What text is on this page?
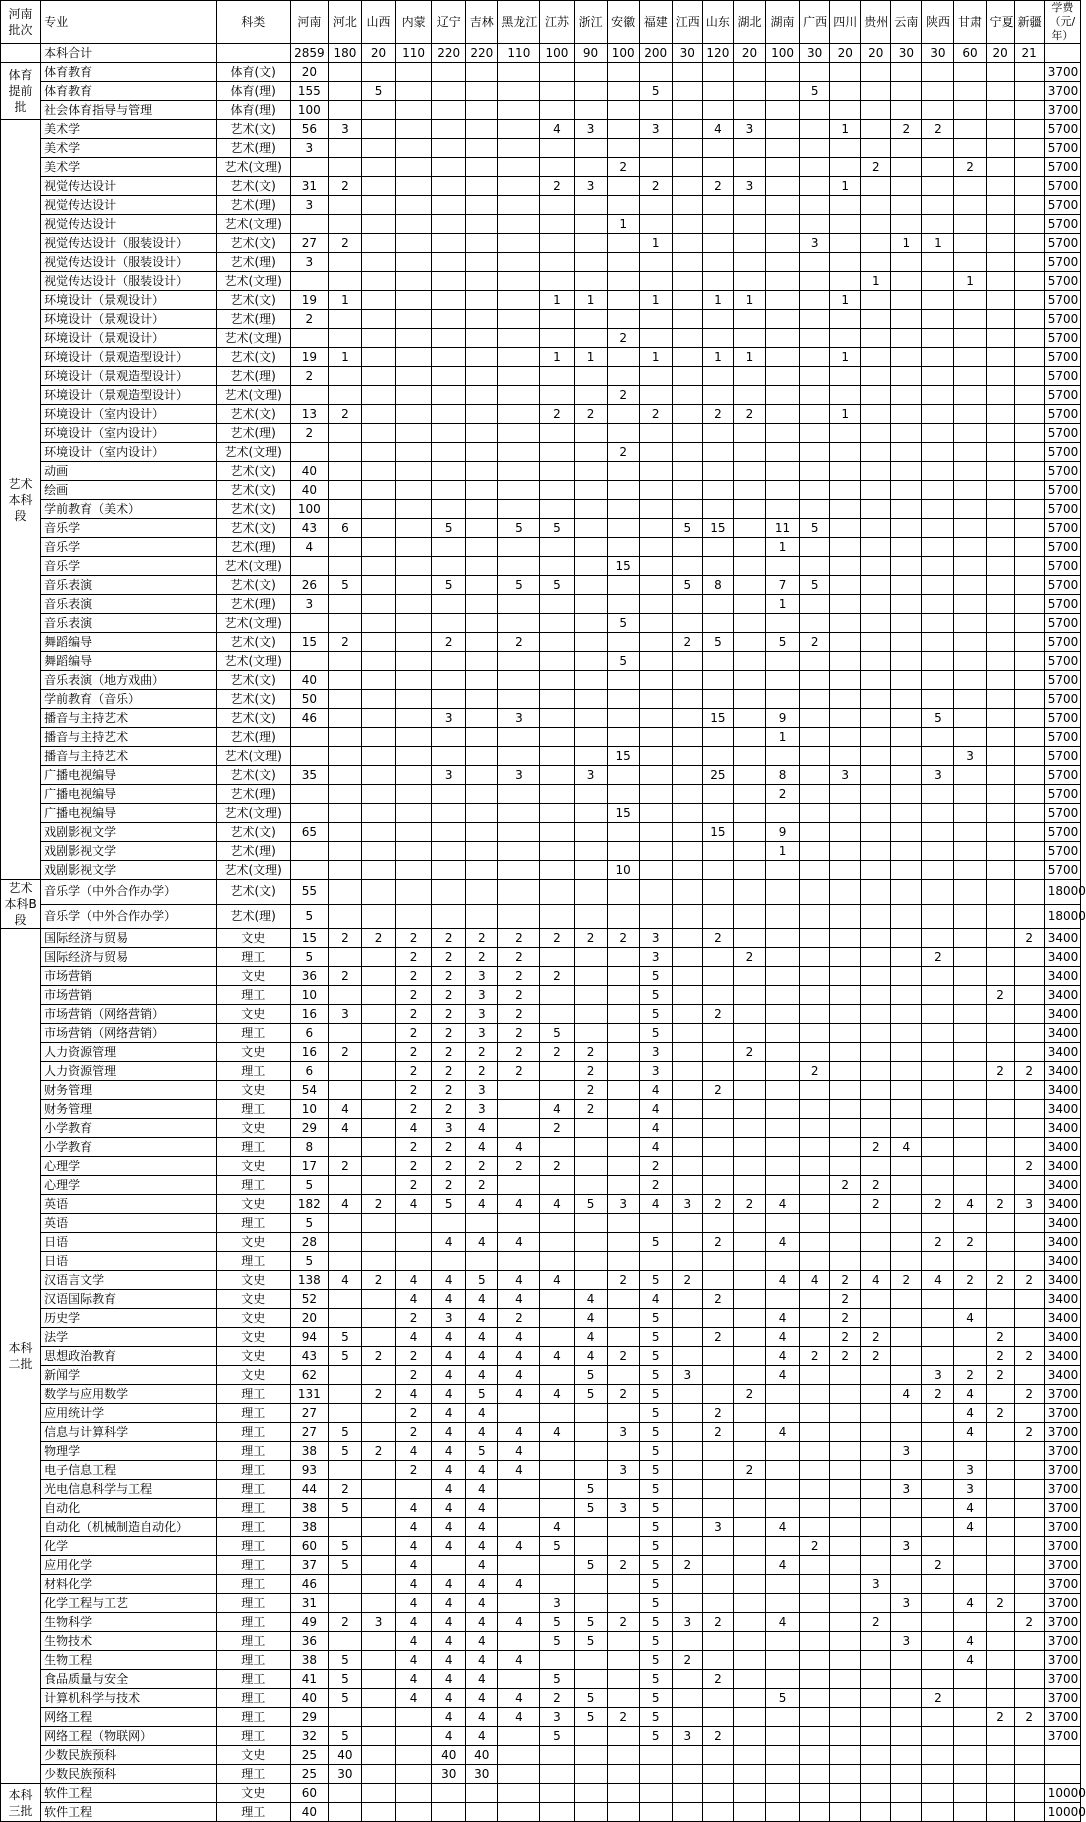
河南批次	专业	科类	河南	河北	山西	内蒙	辽宁	吉林	黑龙江	江苏	浙江	安徽	福建	江西	山东	湖北	湖南	广西	四川	贵州	云南	陕西	甘肃	宁夏	新疆	学费（元/年）
	本科合计		2859	180	20	110	220	220	110	100	90	100	200	30	120	20	100	30	20	20	30	30	60	20	21	
体育提前批	体育教育	体育(文)	20																							3700
	体育教育	体育(理)	155		5								5					5								3700
	社会体育指导与管理	体育(理)	100																							3700
艺术本科段	美术学	艺术(文)	56	3						4	3		3		4	3			1		2	2				5700
	美术学	艺术(理)	3																							5700
	美术学	艺术(文理)										2								2			2			5700
	视觉传达设计	艺术(文)	31	2						2	3		2		2	3			1							5700
	视觉传达设计	艺术(理)	3																							5700
	视觉传达设计	艺术(文理)										1														5700
	视觉传达设计（服装设计）	艺术(文)	27	2									1					3			1	1				5700
	视觉传达设计（服装设计）	艺术(理)	3																							5700
	视觉传达设计（服装设计）	艺术(文理)																		1			1			5700
	环境设计（景观设计）	艺术(文)	19	1						1	1		1		1	1			1							5700
	环境设计（景观设计）	艺术(理)	2																							5700
	环境设计（景观设计）	艺术(文理)										2														5700
	环境设计（景观造型设计）	艺术(文)	19	1						1	1		1		1	1			1							5700
	环境设计（景观造型设计）	艺术(理)	2																							5700
	环境设计（景观造型设计）	艺术(文理)										2														5700
	环境设计（室内设计）	艺术(文)	13	2						2	2		2		2	2			1							5700
	环境设计（室内设计）	艺术(理)	2																							5700
	环境设计（室内设计）	艺术(文理)										2														5700
	动画	艺术(文)	40																							5700
	绘画	艺术(文)	40																							5700
	学前教育（美术）	艺术(文)	100																							5700
	音乐学	艺术(文)	43	6			5		5	5				5	15		11	5								5700
	音乐学	艺术(理)	4														1									5700
	音乐学	艺术(文理)										15														5700
	音乐表演	艺术(文)	26	5			5		5	5				5	8		7	5								5700
	音乐表演	艺术(理)	3														1									5700
	音乐表演	艺术(文理)										5														5700
	舞蹈编导	艺术(文)	15	2			2		2					2	5		5	2								5700
	舞蹈编导	艺术(文理)										5														5700
	音乐表演（地方戏曲）	艺术(文)	40																							5700
	学前教育（音乐）	艺术(文)	50																							5700
	播音与主持艺术	艺术(文)	46				3		3						15		9					5				5700
	播音与主持艺术	艺术(理)															1									5700
	播音与主持艺术	艺术(文理)										15											3			5700
	广播电视编导	艺术(文)	35				3		3		3				25		8		3			3				5700
	广播电视编导	艺术(理)															2									5700
	广播电视编导	艺术(文理)										15														5700
	戏剧影视文学	艺术(文)	65												15		9									5700
	戏剧影视文学	艺术(理)															1									5700
	戏剧影视文学	艺术(文理)										10														5700
艺术本科B段	音乐学（中外合作办学）	艺术(文)	55																							18000
	音乐学（中外合作办学）	艺术(理)	5																							18000
本科二批	国际经济与贸易	文史	15	2	2	2	2	2	2	2	2	2	3		2										2	3400
	国际经济与贸易	理工	5			2	2	2	2				3			2						2				3400
	市场营销	文史	36	2		2	2	3	2	2			5													3400
	市场营销	理工	10			2	2	3	2				5											2		3400
	市场营销（网络营销）	文史	16	3		2	2	3	2				5		2											3400
	市场营销（网络营销）	理工	6			2	2	3	2	5			5													3400
	人力资源管理	文史	16	2		2	2	2	2	2	2		3			2										3400
	人力资源管理	理工	6			2	2	2	2		2		3					2						2	2	3400
	财务管理	文史	54			2	2	3			2		4		2											3400
	财务管理	理工	10	4		2	2	3		4	2		4													3400
	小学教育	文史	29	4		4	3	4		2			4													3400
	小学教育	理工	8			2	2	4	4				4							2	4					3400
	心理学	文史	17	2		2	2	2	2	2			2												2	3400
	心理学	理工	5			2	2	2					2						2	2						3400
	英语	文史	182	4	2	4	5	4	4	4	5	3	4	3	2	2	4			2		2	4	2	3	3400
	英语	理工	5																							3400
	日语	文史	28				4	4	4				5		2		4					2	2			3400
	日语	理工	5																							3400
	汉语言文学	文史	138	4	2	4	4	5	4	4		2	5	2			4	4	2	4	2	4	2	2	2	3400
	汉语国际教育	文史	52			4	4	4	4		4		4		2				2							3400
	历史学	文史	20			2	3	4	2		4		5				4		2				4			3400
	法学	文史	94	5		4	4	4	4		4		5		2		4		2	2				2		3400
	思想政治教育	文史	43	5	2	2	4	4	4	4	4	2	5				4	2	2	2				2	2	3400
	新闻学	文史	62			2	4	4	4		5		5	3			4					3	2	2		3400
	数学与应用数学	理工	131		2	4	4	5	4	4	5	2	5			2					4	2	4		2	3700
	应用统计学	理工	27			2	4	4					5		2								4	2		3700
	信息与计算科学	理工	27	5		2	4	4	4	4		3	5		2		4						4		2	3700
	物理学	理工	38	5	2	4	4	5	4				5								3					3700
	电子信息工程	理工	93			2	4	4	4			3	5			2							3			3700
	光电信息科学与工程	理工	44	2			4	4			5		5								3		3			3700
	自动化	理工	38	5		4	4	4			5	3	5										4			3700
	自动化（机械制造自动化）	理工	38			4	4	4		4			5		3		4						4			3700
	化学	理工	60	5		4	4	4	4	5			5					2			3					3700
	应用化学	理工	37	5		4		4			5	2	5	2			4					2				3700
	材料化学	理工	46			4	4	4	4				5							3						3700
	化学工程与工艺	理工	31			4	4	4		3			5								3		4	2		3700
	生物科学	理工	49	2	3	4	4	4	4	5	5	2	5	3	2		4			2					2	3700
	生物技术	理工	36			4	4	4		5	5		5								3		4			3700
	生物工程	理工	38	5		4	4	4	4				5	2									4			3700
	食品质量与安全	理工	41	5		4	4	4		5			5		2											3700
	计算机科学与技术	理工	40	5		4	4	4	4	2	5		5				5					2				3700
	网络工程	理工	29				4	4	4	3	5	2	5											2	2	3700
	网络工程（物联网）	理工	32	5			4	4		5			5	3	2											3700
	少数民族预科	文史	25	40			40	40																		
	少数民族预科	理工	25	30			30	30																		
本科三批	软件工程	文史	60																							10000
	软件工程	理工	40																							10000
